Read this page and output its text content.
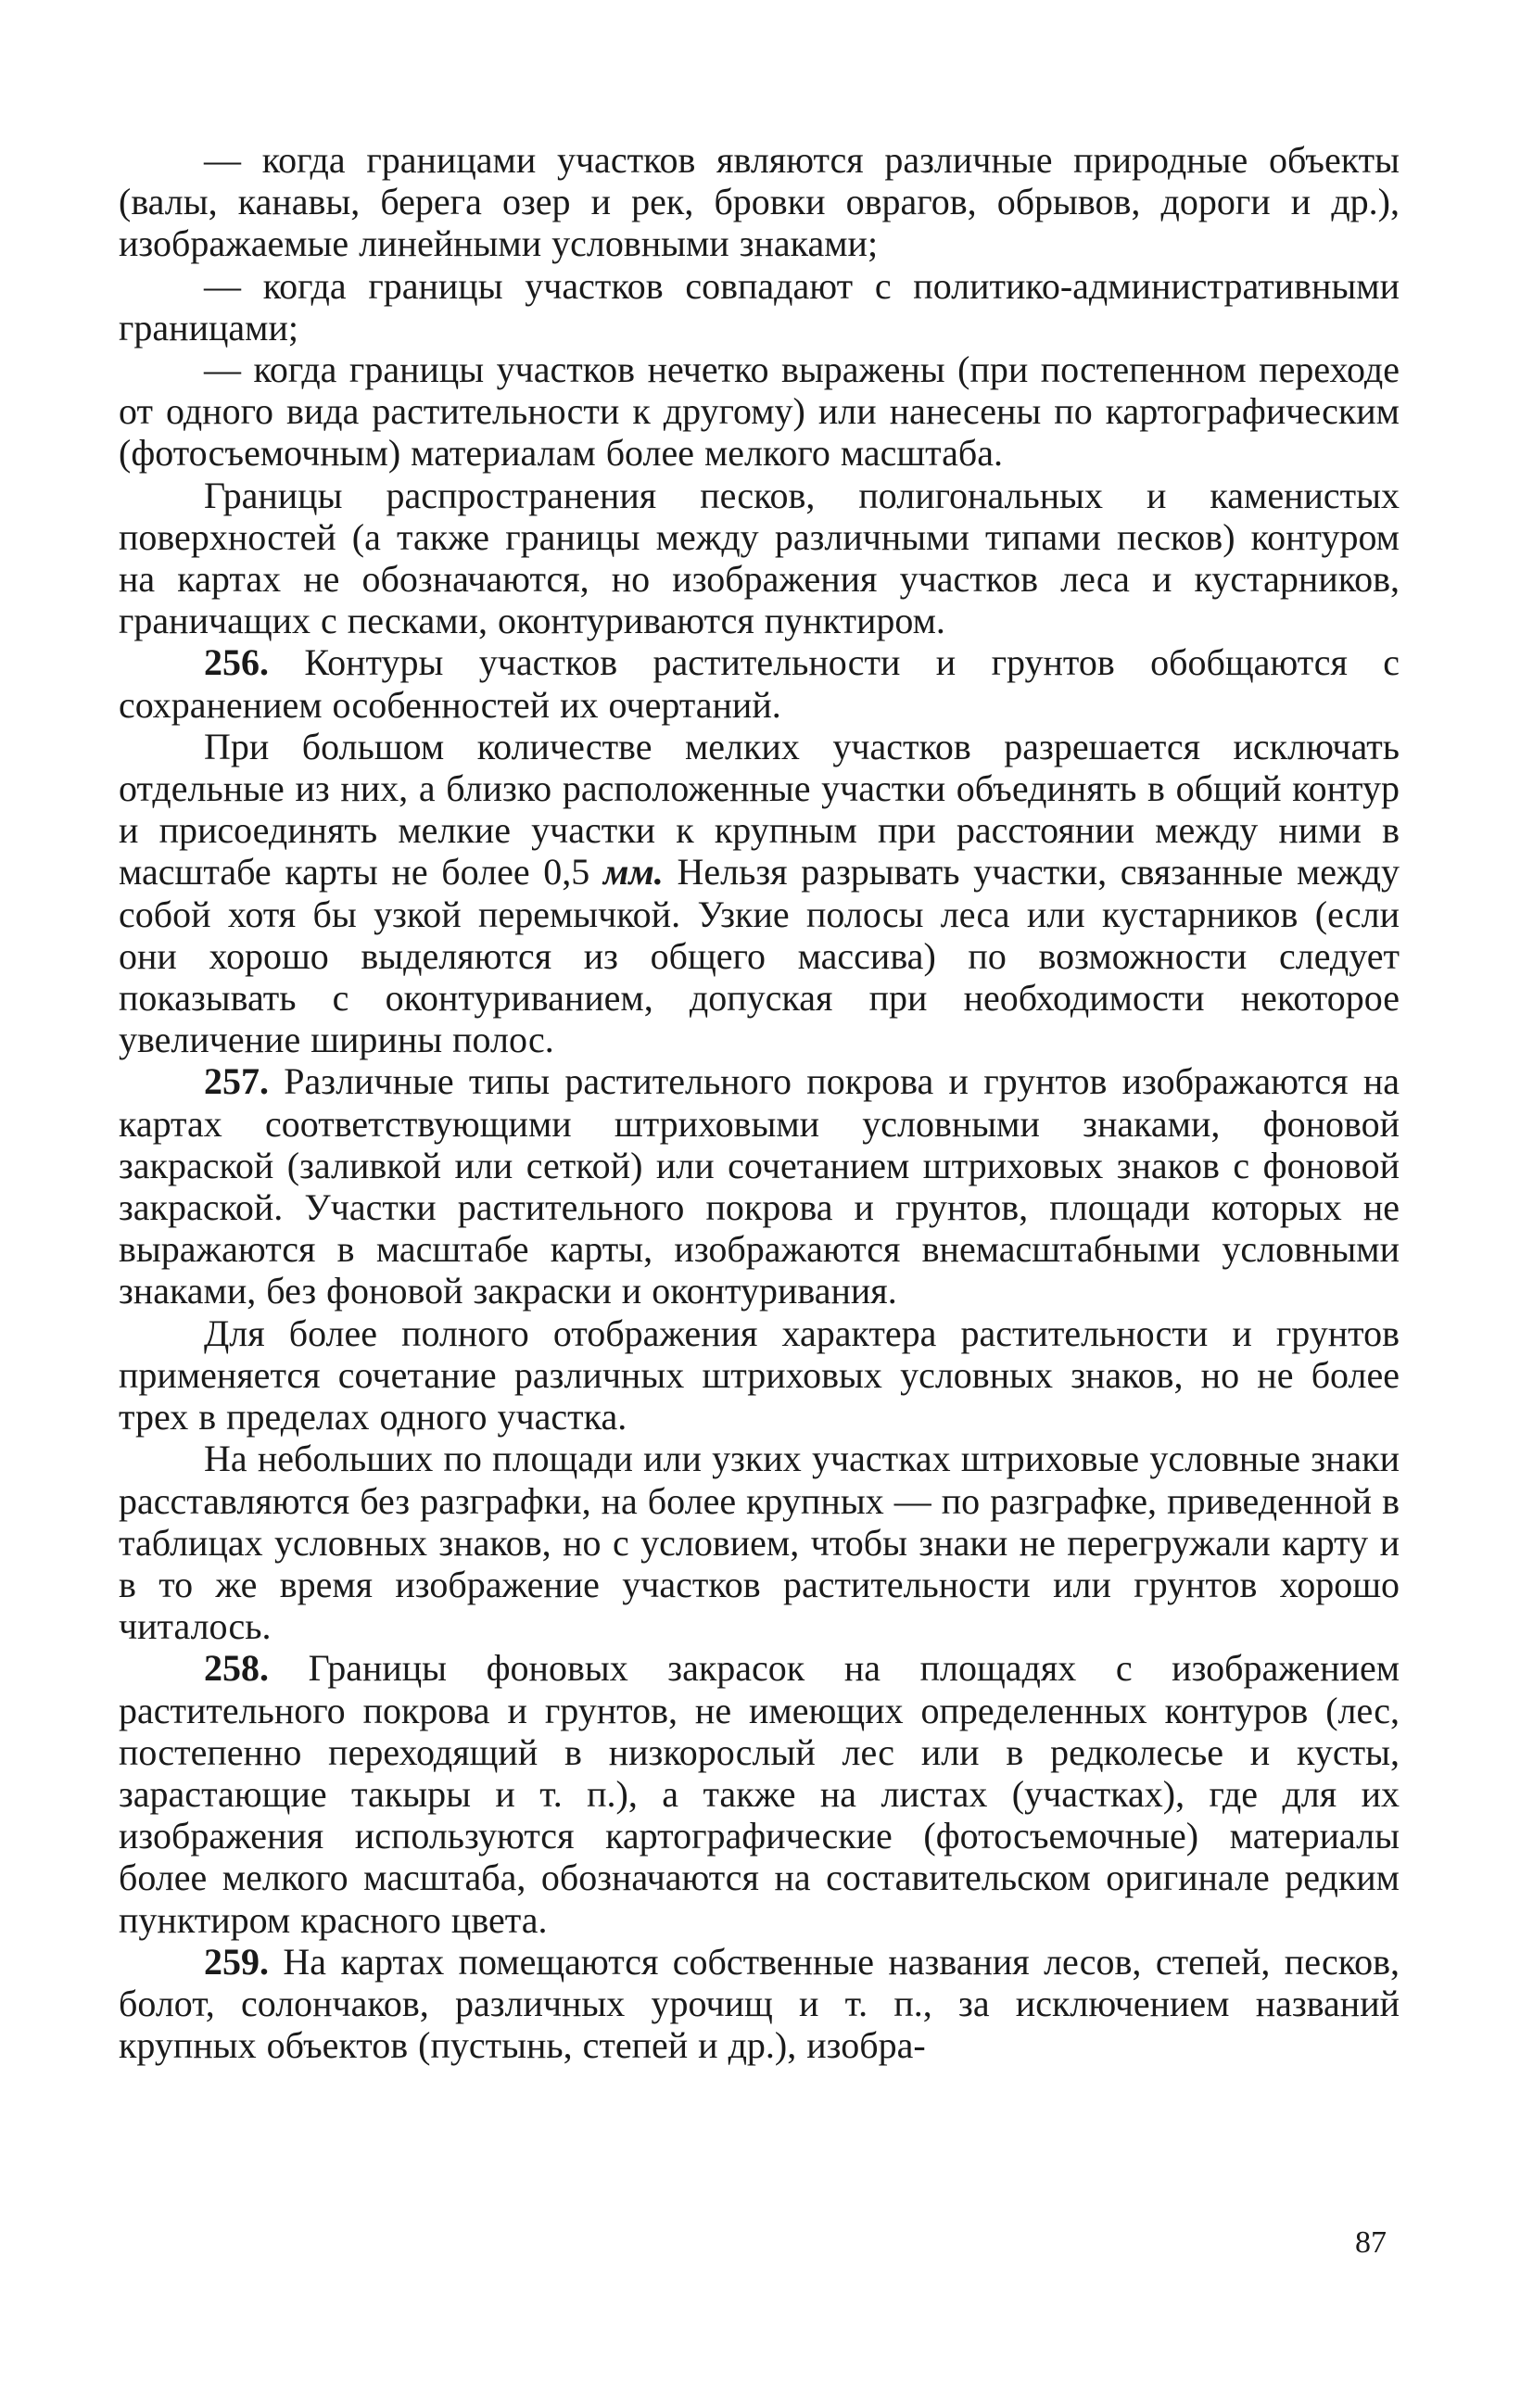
— когда границами участков являются различные природные объекты (валы, канавы, берега озер и рек, бровки оврагов, обрывов, дороги и др.), изображаемые линейными условными знаками;

— когда границы участков совпадают с политико-административными границами;

— когда границы участков нечетко выражены (при постепенном переходе от одного вида растительности к другому) или нанесены по картографическим (фотосъемочным) материалам более мелкого масштаба.

Границы распространения песков, полигональных и каменистых поверхностей (а также границы между различными типами песков) контуром на картах не обозначаются, но изображения участков леса и кустарников, граничащих с песками, оконтуриваются пунктиром.

256. Контуры участков растительности и грунтов обобщаются с сохранением особенностей их очертаний.

При большом количестве мелких участков разрешается исключать отдельные из них, а близко расположенные участки объединять в общий контур и присоединять мелкие участки к крупным при расстоянии между ними в масштабе карты не более 0,5 мм. Нельзя разрывать участки, связанные между собой хотя бы узкой перемычкой. Узкие полосы леса или кустарников (если они хорошо выделяются из общего массива) по возможности следует показывать с оконтуриванием, допуская при необходимости некоторое увеличение ширины полос.

257. Различные типы растительного покрова и грунтов изображаются на картах соответствующими штриховыми условными знаками, фоновой закраской (заливкой или сеткой) или сочетанием штриховых знаков с фоновой закраской. Участки растительного покрова и грунтов, площади которых не выражаются в масштабе карты, изображаются внемасштабными условными знаками, без фоновой закраски и оконтуривания.

Для более полного отображения характера растительности и грунтов применяется сочетание различных штриховых условных знаков, но не более трех в пределах одного участка.

На небольших по площади или узких участках штриховые условные знаки расставляются без разграфки, на более крупных — по разграфке, приведенной в таблицах условных знаков, но с условием, чтобы знаки не перегружали карту и в то же время изображение участков растительности или грунтов хорошо читалось.

258. Границы фоновых закрасок на площадях с изображением растительного покрова и грунтов, не имеющих определенных контуров (лес, постепенно переходящий в низкорослый лес или в редколесье и кусты, зарастающие такыры и т. п.), а также на листах (участках), где для их изображения используются картографические (фотосъемочные) материалы более мелкого масштаба, обозначаются на составительском оригинале редким пунктиром красного цвета.

259. На картах помещаются собственные названия лесов, степей, песков, болот, солончаков, различных урочищ и т. п., за исключением названий крупных объектов (пустынь, степей и др.), изобра-

87
